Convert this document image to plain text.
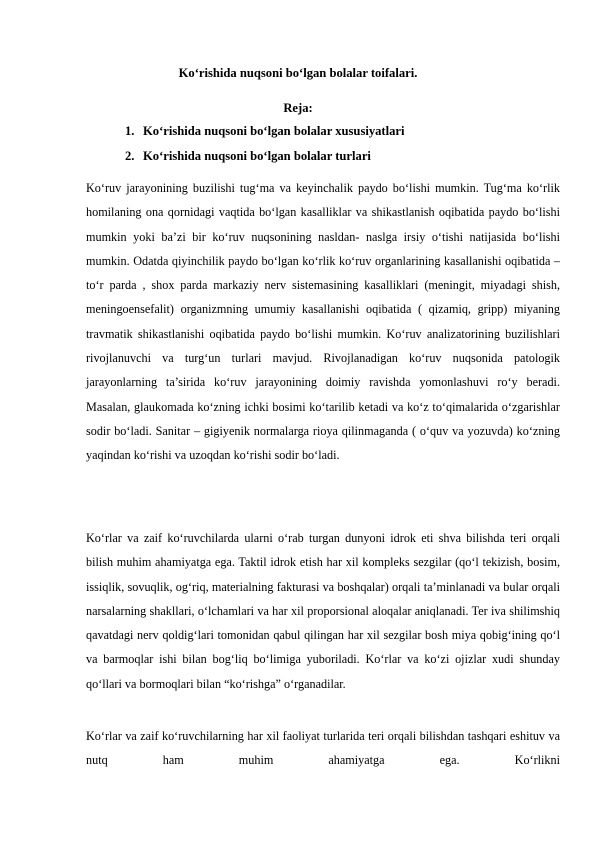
Ko‘rishida nuqsoni bo‘lgan bolalar toifalari.
Reja:
1. Ko‘rishida nuqsoni bo‘lgan bolalar xususiyatlari
2. Ko‘rishida nuqsoni bo‘lgan bolalar turlari

Ko‘ruv jarayonining buzilishi tug‘ma va keyinchalik paydo bo‘lishi mumkin. Tug‘ma ko‘rlik homilaning ona qornidagi vaqtida bo‘lgan kasalliklar va shikastlanish oqibatida paydo bo‘lishi mumkin yoki ba’zi bir ko‘ruv nuqsonining nasldan- naslga irsiy o‘tishi natijasida bo‘lishi mumkin. Odatda qiyinchilik paydo bo‘lgan ko‘rlik ko‘ruv organlarining kasallanishi oqibatida – to‘r parda , shox parda markaziy nerv sistemasining kasalliklari (meningit, miyadagi shish, meningoensefalit) organizmning umumiy kasallanishi oqibatida ( qizamiq, gripp) miyaning travmatik shikastlanishi oqibatida paydo bo‘lishi mumkin. Ko‘ruv analizatorining buzilishlari rivojlanuvchi va turg‘un turlari mavjud. Rivojlanadigan ko‘ruv nuqsonida patologik jarayonlarning ta’sirida ko‘ruv jarayonining doimiy ravishda yomonlashuvi ro‘y beradi. Masalan, glaukomada ko‘zning ichki bosimi ko‘tarilib ketadi va ko‘z to‘qimalarida o‘zgarishlar sodir bo‘ladi. Sanitar – gigiyenik normalarga rioya qilinmaganda ( o‘quv va yozuvda) ko‘zning yaqindan ko‘rishi va uzoqdan ko‘rishi sodir bo‘ladi.

Ko‘rlar va zaif ko‘ruvchilarda ularni o‘rab turgan dunyoni idrok eti shva bilishda teri orqali bilish muhim ahamiyatga ega. Taktil idrok etish har xil kompleks sezgilar (qo‘l tekizish, bosim, issiqlik, sovuqlik, og‘riq, materialning fakturasi va boshqalar) orqali ta’minlanadi va bular orqali narsalarning shakllari, o‘lchamlari va har xil proporsional aloqalar aniqlanadi. Ter iva shilimshiq qavatdagi nerv qoldig‘lari tomonidan qabul qilingan har xil sezgilar bosh miya qobig‘ining qo‘l va barmoqlar ishi bilan bog‘liq bo‘limiga yuboriladi. Ko‘rlar va ko‘zi ojizlar xudi shunday qo‘llari va bormoqlari bilan “ko‘rishga” o‘rganadilar.

Ko‘rlar va zaif ko‘ruvchilarning har xil faoliyat turlarida teri orqali bilishdan tashqari eshituv va nutq ham muhim ahamiyatga ega. Ko‘rlikni
